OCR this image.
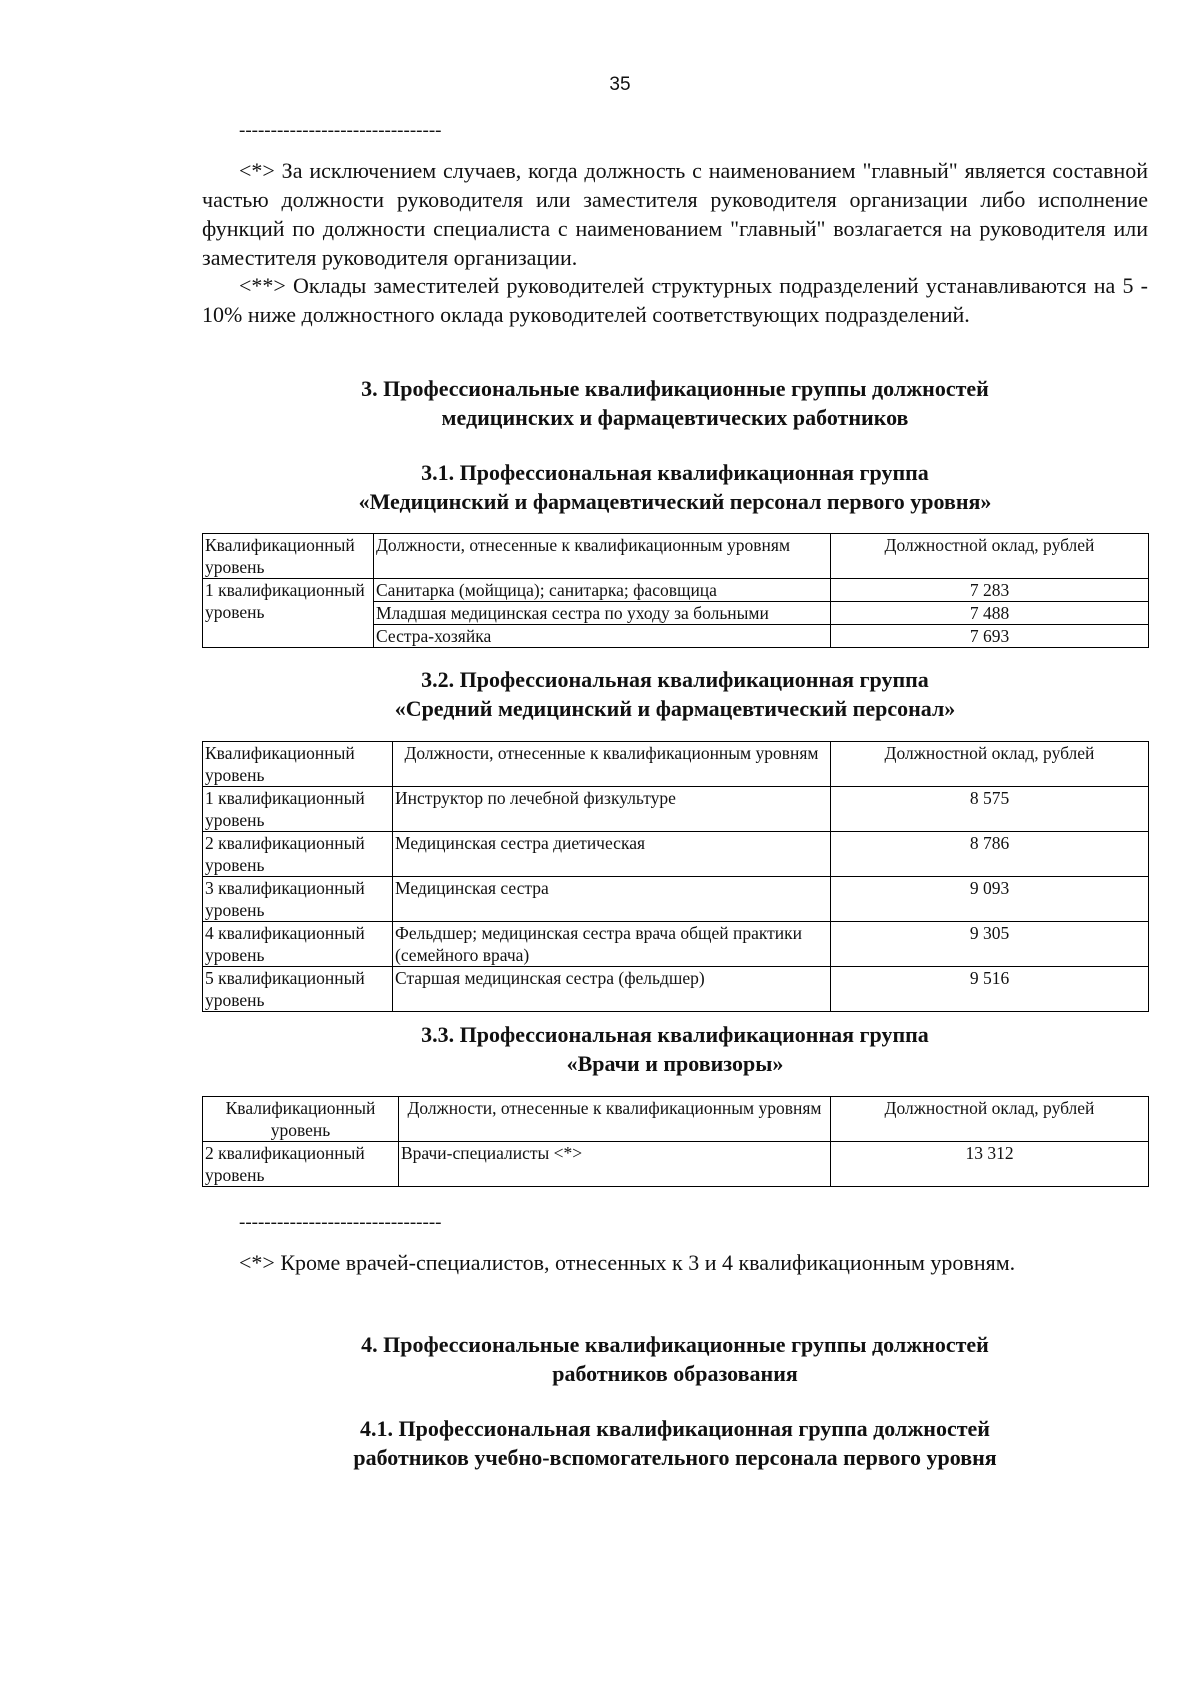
35
--------------------------------

<*> За исключением случаев, когда должность с наименованием "главный" является составной частью должности руководителя или заместителя руководителя организации либо исполнение функций по должности специалиста с наименованием "главный" возлагается на руководителя или заместителя руководителя организации.

<**> Оклады заместителей руководителей структурных подразделений устанавливаются на 5 - 10% ниже должностного оклада руководителей соответствующих подразделений.

3. Профессиональные квалификационные группы должностей
медицинских и фармацевтических работников
3.1. Профессиональная квалификационная группа
«Медицинский и фармацевтический персонал первого уровня»
Квалификационный уровень	Должности, отнесенные к квалификационным уровням	Должностной оклад, рублей
1 квалификационный уровень	Санитарка (мойщица); санитарка; фасовщица	7 283
	Младшая медицинская сестра по уходу за больными	7 488
	Сестра-хозяйка	7 693
3.2. Профессиональная квалификационная группа
«Средний медицинский и фармацевтический персонал»
Квалификационный уровень	Должности, отнесенные к квалификационным уровням	Должностной оклад, рублей
1 квалификационный уровень	Инструктор по лечебной физкультуре	8 575
2 квалификационный уровень	Медицинская сестра диетическая	8 786
3 квалификационный уровень	Медицинская сестра	9 093
4 квалификационный уровень	Фельдшер; медицинская сестра врача общей практики (семейного врача)	9 305
5 квалификационный уровень	Старшая медицинская сестра (фельдшер)	9 516
3.3. Профессиональная квалификационная группа
«Врачи и провизоры»
Квалификационный уровень	Должности, отнесенные к квалификационным уровням	Должностной оклад, рублей
2 квалификационный уровень	Врачи-специалисты <*>	13 312
--------------------------------

<*> Кроме врачей-специалистов, отнесенных к 3 и 4 квалификационным уровням.

4. Профессиональные квалификационные группы должностей
работников образования
4.1. Профессиональная квалификационная группа должностей
работников учебно-вспомогательного персонала первого уровня
